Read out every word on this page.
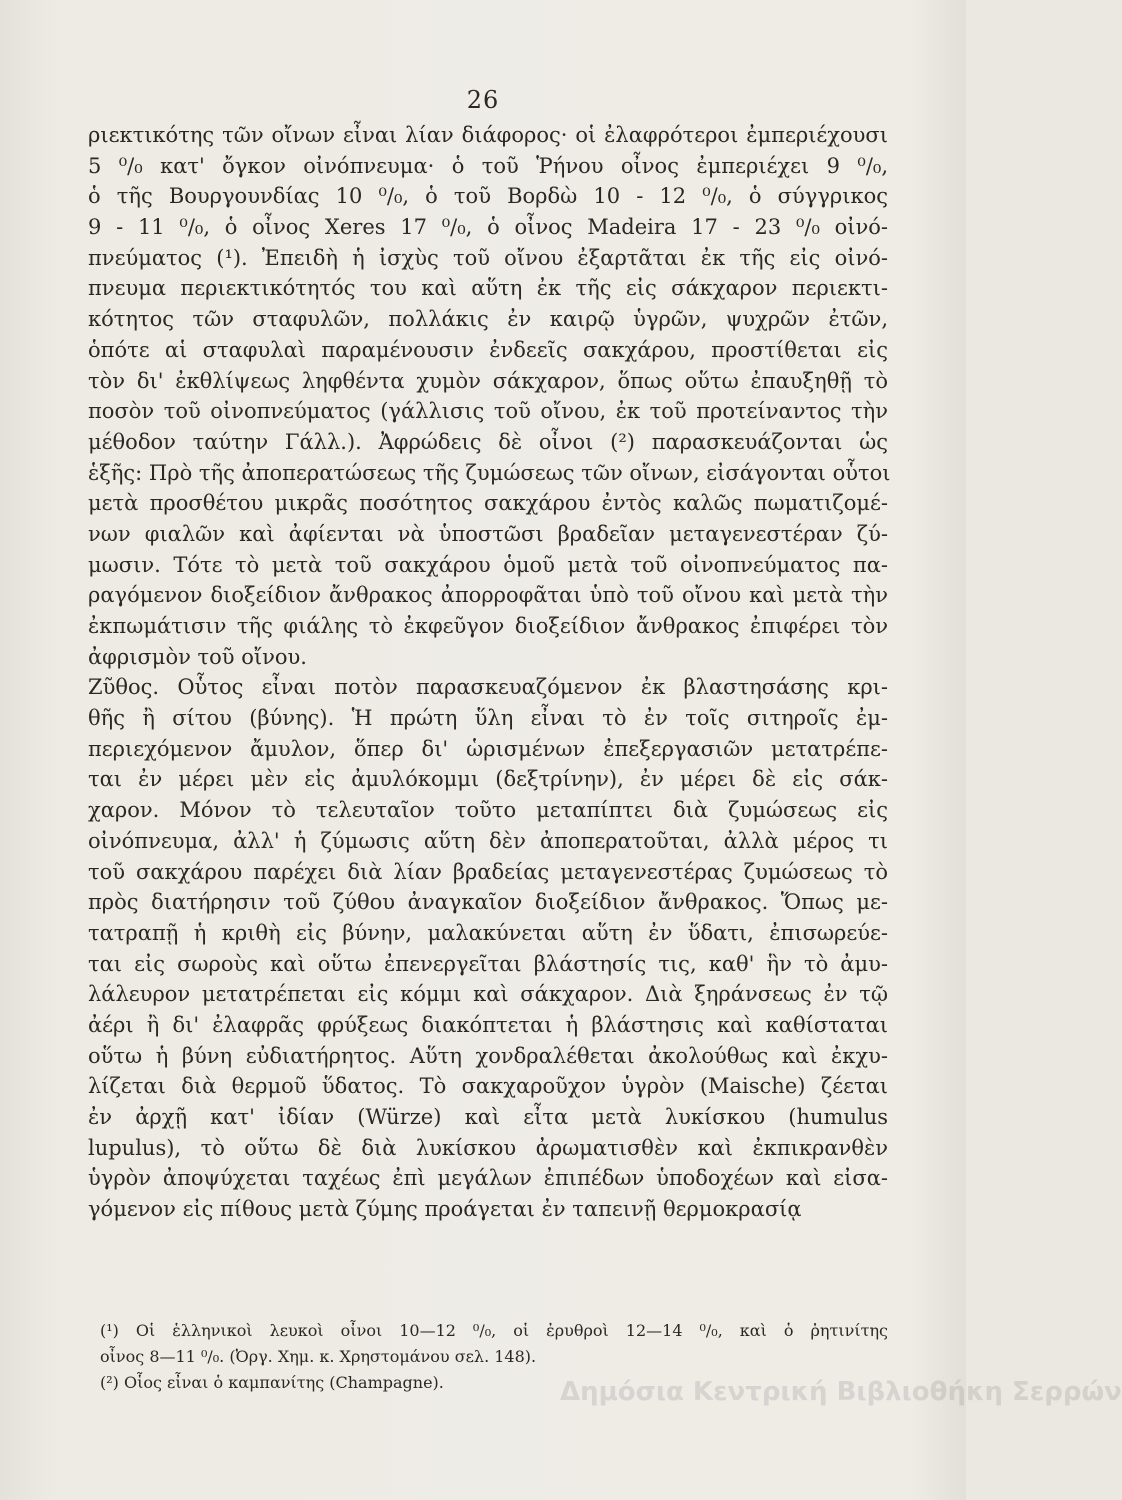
26
ριεκτικότης τῶν οἴνων εἶναι λίαν διάφορος· οἱ ἐλαφρότεροι ἐμπεριέχουσι
5 ⁰/₀ κατ' ὄγκον οἰνόπνευμα· ὁ τοῦ Ῥήνου οἶνος ἐμπεριέχει 9 ⁰/₀,
ὁ τῆς Βουργουνδίας 10 ⁰/₀, ὁ τοῦ Βορδὼ 10 - 12 ⁰/₀, ὁ σύγγρικος
9 - 11 ⁰/₀, ὁ οἶνος Xeres 17 ⁰/₀, ὁ οἶνος Madeira 17 - 23 ⁰/₀ οἰνό-
πνεύματος (¹). Ἐπειδὴ ἡ ἰσχὺς τοῦ οἴνου ἐξαρτᾶται ἐκ τῆς εἰς οἰνό-
πνευμα περιεκτικότητός του καὶ αὕτη ἐκ τῆς εἰς σάκχαρον περιεκτι-
κότητος τῶν σταφυλῶν, πολλάκις ἐν καιρῷ ὑγρῶν, ψυχρῶν ἐτῶν,
ὁπότε αἱ σταφυλαὶ παραμένουσιν ἐνδεεῖς σακχάρου, προστίθεται εἰς
τὸν δι' ἐκθλίψεως ληφθέντα χυμὸν σάκχαρον, ὅπως οὕτω ἐπαυξηθῇ τὸ
ποσὸν τοῦ οἰνοπνεύματος (γάλλισις τοῦ οἴνου, ἐκ τοῦ προτείναντος τὴν
μέθοδον ταύτην Γάλλ.). Ἀφρώδεις δὲ οἶνοι (²) παρασκευάζονται ὡς
ἑξῆς: Πρὸ τῆς ἀποπερατώσεως τῆς ζυμώσεως τῶν οἴνων, εἰσάγονται οὗτοι
μετὰ προσθέτου μικρᾶς ποσότητος σακχάρου ἐντὸς καλῶς πωματιζομέ-
νων φιαλῶν καὶ ἀφίενται νὰ ὑποστῶσι βραδεῖαν μεταγενεστέραν ζύ-
μωσιν. Τότε τὸ μετὰ τοῦ σακχάρου ὁμοῦ μετὰ τοῦ οἰνοπνεύματος πα-
ραγόμενον διοξείδιον ἄνθρακος ἀπορροφᾶται ὑπὸ τοῦ οἴνου καὶ μετὰ τὴν
ἐκπωμάτισιν τῆς φιάλης τὸ ἐκφεῦγον διοξείδιον ἄνθρακος ἐπιφέρει τὸν
ἀφρισμὸν τοῦ οἴνου.
Ζῦθος. Οὗτος εἶναι ποτὸν παρασκευαζόμενον ἐκ βλαστησάσης κρι-
θῆς ἢ σίτου (βύνης). Ἡ πρώτη ὕλη εἶναι τὸ ἐν τοῖς σιτηροῖς ἐμ-
περιεχόμενον ἄμυλον, ὅπερ δι' ὡρισμένων ἐπεξεργασιῶν μετατρέπε-
ται ἐν μέρει μὲν εἰς ἀμυλόκομμι (δεξτρίνην), ἐν μέρει δὲ εἰς σάκ-
χαρον. Μόνον τὸ τελευταῖον τοῦτο μεταπίπτει διὰ ζυμώσεως εἰς
οἰνόπνευμα, ἀλλ' ἡ ζύμωσις αὕτη δὲν ἀποπερατοῦται, ἀλλὰ μέρος τι
τοῦ σακχάρου παρέχει διὰ λίαν βραδείας μεταγενεστέρας ζυμώσεως τὸ
πρὸς διατήρησιν τοῦ ζύθου ἀναγκαῖον διοξείδιον ἄνθρακος. Ὅπως με-
τατραπῇ ἡ κριθὴ εἰς βύνην, μαλακύνεται αὕτη ἐν ὕδατι, ἐπισωρεύε-
ται εἰς σωροὺς καὶ οὕτω ἐπενεργεῖται βλάστησίς τις, καθ' ἣν τὸ ἀμυ-
λάλευρον μετατρέπεται εἰς κόμμι καὶ σάκχαρον. Διὰ ξηράνσεως ἐν τῷ
ἀέρι ἢ δι' ἐλαφρᾶς φρύξεως διακόπτεται ἡ βλάστησις καὶ καθίσταται
οὕτω ἡ βύνη εὐδιατήρητος. Αὕτη χονδραλέθεται ἀκολούθως καὶ ἐκχυ-
λίζεται διὰ θερμοῦ ὕδατος. Τὸ σακχαροῦχον ὑγρὸν (Maische) ζέεται
ἐν ἀρχῇ κατ' ἰδίαν (Würze) καὶ εἶτα μετὰ λυκίσκου (humulus
lupulus), τὸ οὕτω δὲ διὰ λυκίσκου ἀρωματισθὲν καὶ ἐκπικρανθὲν
ὑγρὸν ἀποψύχεται ταχέως ἐπὶ μεγάλων ἐπιπέδων ὑποδοχέων καὶ εἰσα-
γόμενον εἰς πίθους μετὰ ζύμης προάγεται ἐν ταπεινῇ θερμοκρασίᾳ
(¹) Οἱ ἑλληνικοὶ λευκοὶ οἶνοι 10—12 ⁰/₀, οἱ ἐρυθροὶ 12—14 ⁰/₀, καὶ ὁ ῥητινίτης
οἶνος 8—11 ⁰/₀. (Ὀργ. Χημ. κ. Χρηστομάνου σελ. 148).
(²) Οἷος εἶναι ὁ καμπανίτης (Champagne).	Δημόσια Κεντρική Βιβλιοθήκη Σερρών
